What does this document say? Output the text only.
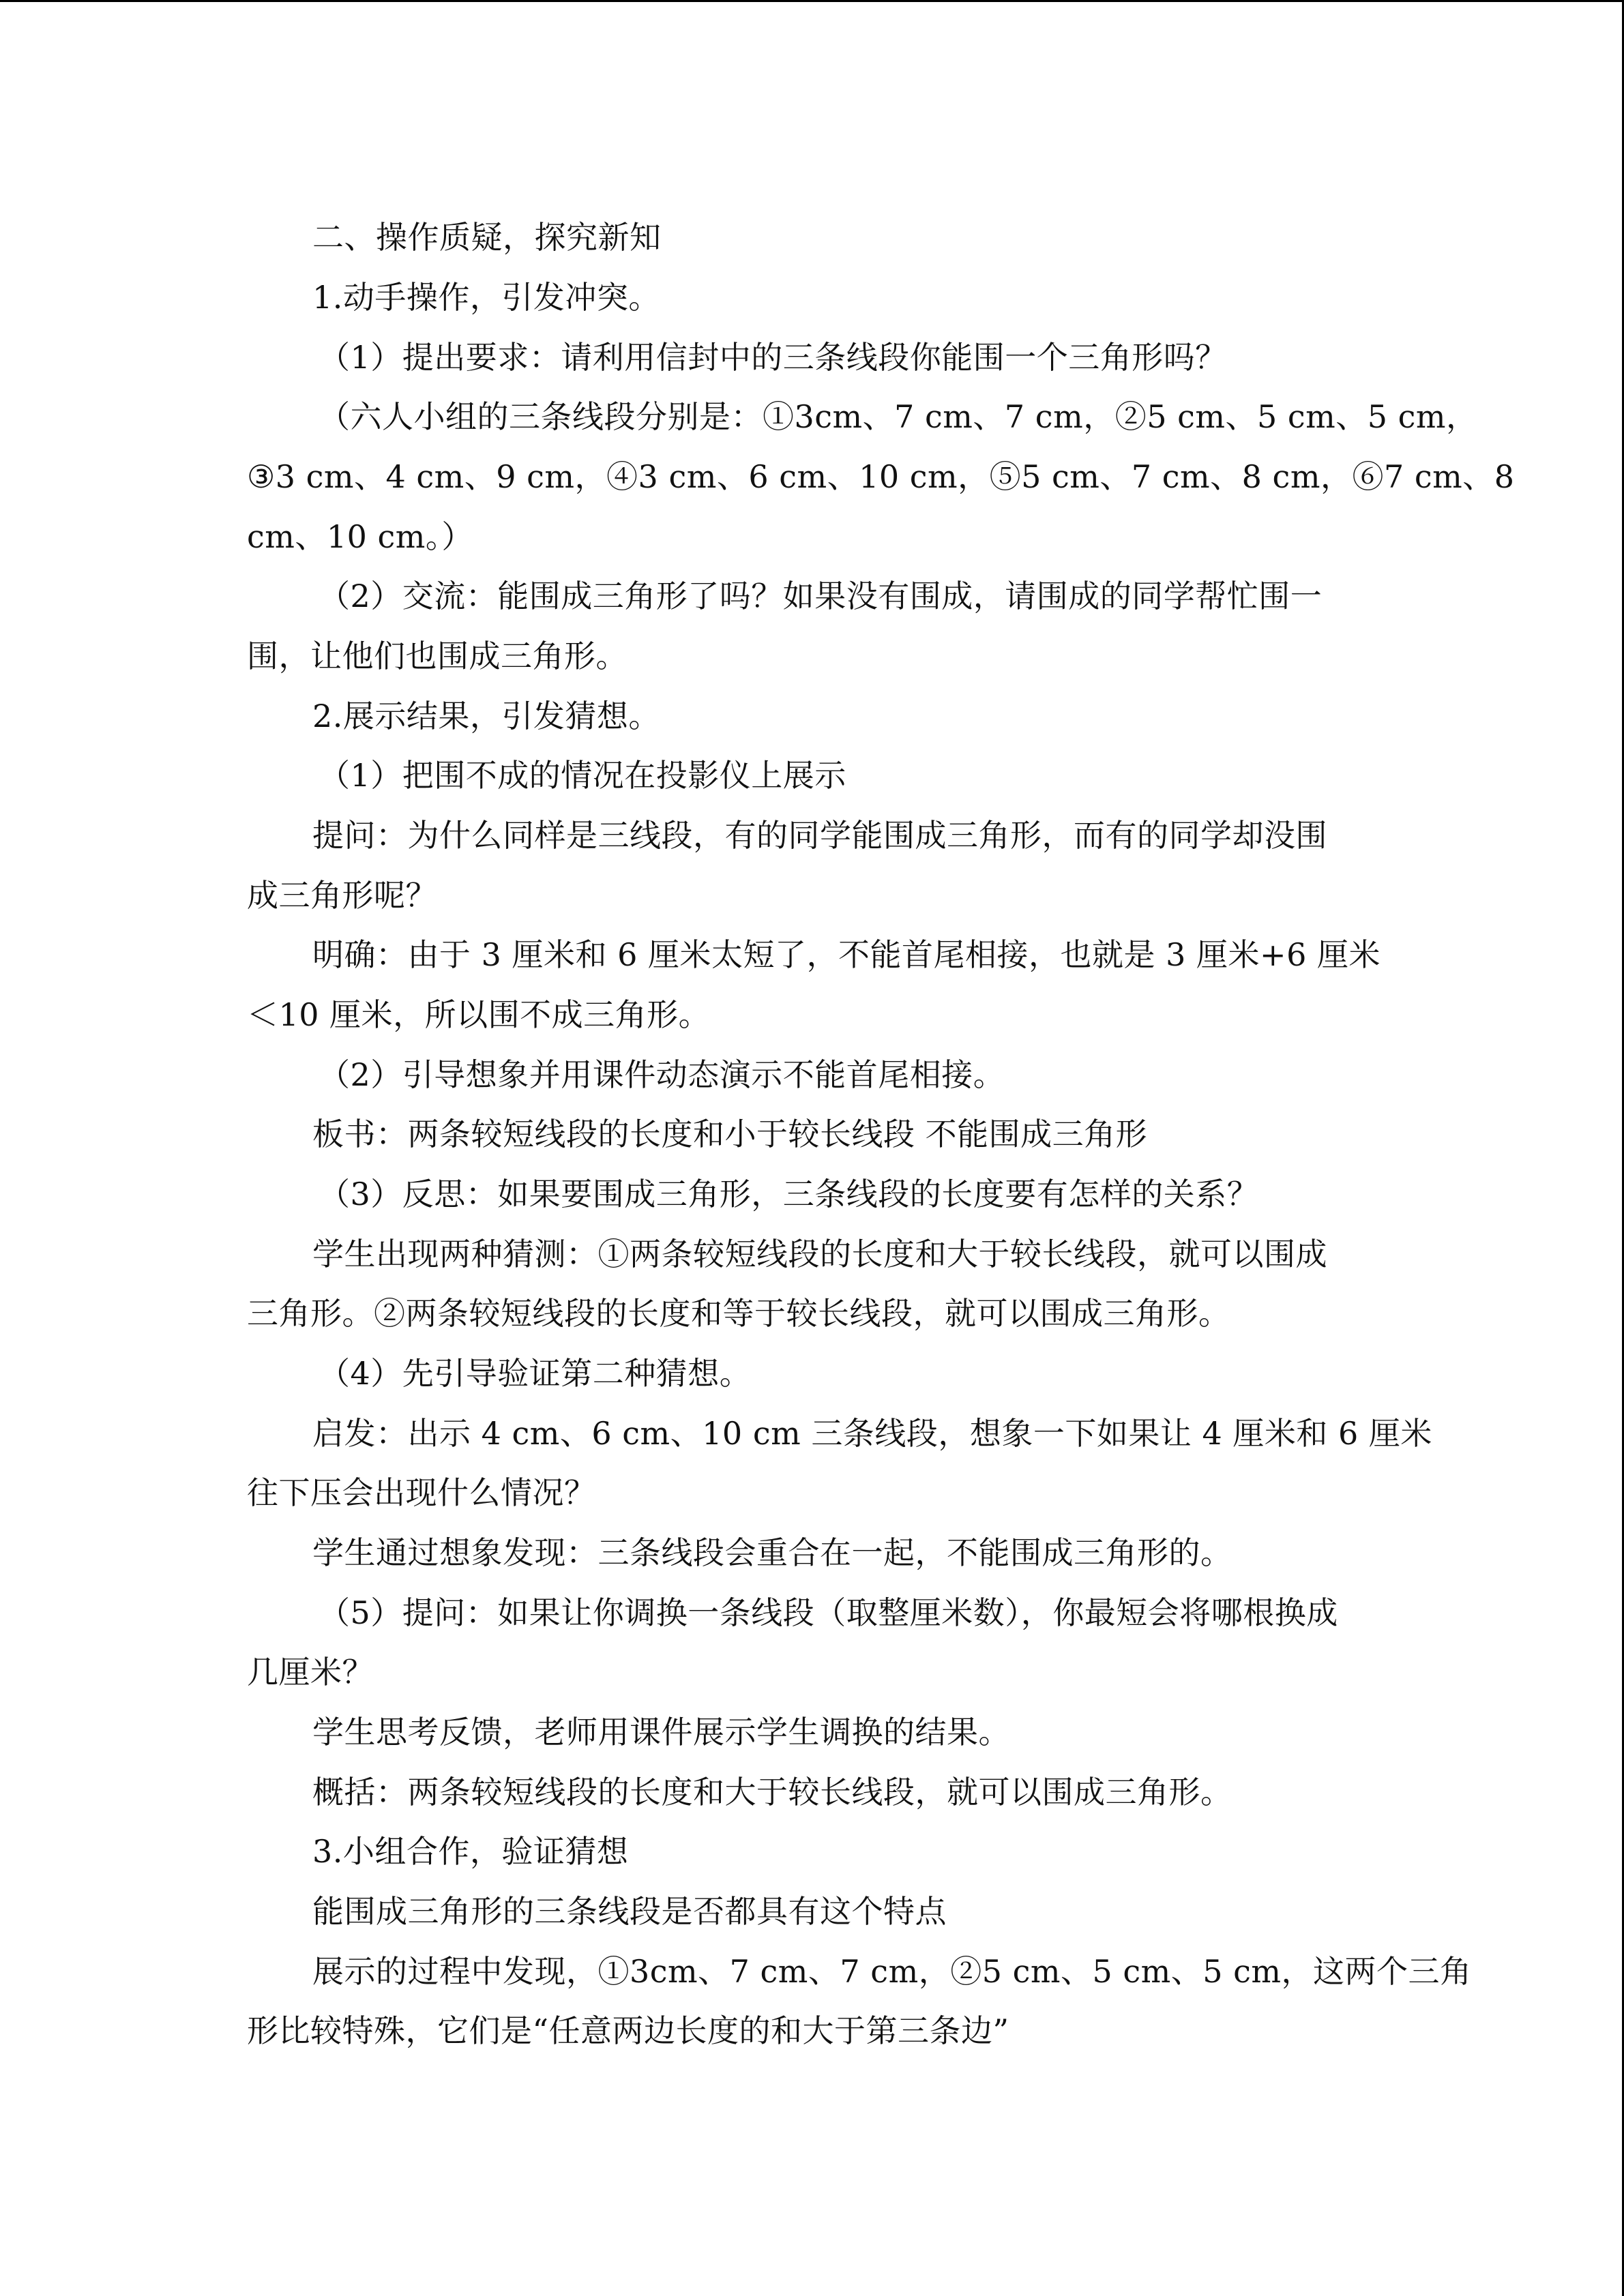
二、操作质疑，探究新知
1.动手操作，引发冲突。
（1）提出要求：请利用信封中的三条线段你能围一个三角形吗？
（六人小组的三条线段分别是：①3cm、7 cm、7 cm，②5 cm、5 cm、5 cm，
③3 cm、4 cm、9 cm，④3 cm、6 cm、10 cm，⑤5 cm、7 cm、8 cm，⑥7 cm、8
cm、10 cm。）
（2）交流：能围成三角形了吗？如果没有围成，请围成的同学帮忙围一
围，让他们也围成三角形。
2.展示结果，引发猜想。
（1）把围不成的情况在投影仪上展示
提问：为什么同样是三线段，有的同学能围成三角形，而有的同学却没围
成三角形呢？
明确：由于 3 厘米和 6 厘米太短了，不能首尾相接，也就是 3 厘米+6 厘米
＜10 厘米，所以围不成三角形。
（2）引导想象并用课件动态演示不能首尾相接。
板书：两条较短线段的长度和小于较长线段 不能围成三角形
（3）反思：如果要围成三角形，三条线段的长度要有怎样的关系？
学生出现两种猜测：①两条较短线段的长度和大于较长线段，就可以围成
三角形。②两条较短线段的长度和等于较长线段，就可以围成三角形。
（4）先引导验证第二种猜想。
启发：出示 4 cm、6 cm、10 cm 三条线段，想象一下如果让 4 厘米和 6 厘米
往下压会出现什么情况？
学生通过想象发现：三条线段会重合在一起，不能围成三角形的。
（5）提问：如果让你调换一条线段（取整厘米数），你最短会将哪根换成
几厘米？
学生思考反馈，老师用课件展示学生调换的结果。
概括：两条较短线段的长度和大于较长线段，就可以围成三角形。
3.小组合作，验证猜想
能围成三角形的三条线段是否都具有这个特点
展示的过程中发现，①3cm、7 cm、7 cm，②5 cm、5 cm、5 cm，这两个三角
形比较特殊，它们是“任意两边长度的和大于第三条边”
